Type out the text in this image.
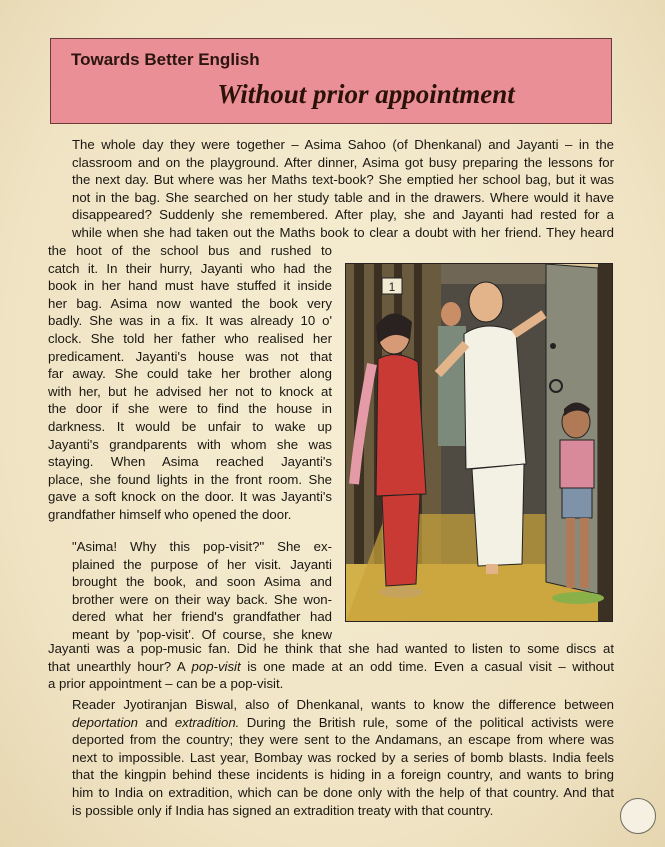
Towards Better English
Without prior appointment
The whole day they were together – Asima Sahoo (of Dhenkanal) and Jayanti – in the
classroom and on the playground. After dinner, Asima got busy preparing the lessons for
the next day. But where was her Maths text-book? She emptied her school bag, but it was
not in the bag. She searched on her study table and in the drawers. Where would it have
disappeared? Suddenly she remembered. After play, she and Jayanti had rested for a
while when she had taken out the Maths book to clear a doubt with her friend. They heard
the hoot of the school bus and rushed to
catch it. In their hurry, Jayanti who had the
book in her hand must have stuffed it inside
her bag. Asima now wanted the book very
badly. She was in a fix. It was already 10 o'
clock. She told her father who realised her
predicament. Jayanti's house was not that
far away. She could take her brother along
with her, but he advised her not to knock at
the door if she were to find the house in
darkness. It would be unfair to wake up
Jayanti's grandparents with whom she was
staying. When Asima reached Jayanti's
place, she found lights in the front room. She
gave a soft knock on the door. It was Jayanti's
grandfather himself who opened the door.
"Asima! Why this pop-visit?" She ex-
plained the purpose of her visit. Jayanti
brought the book, and soon Asima and
brother were on their way back. She won-
dered what her friend's grandfather had
meant by 'pop-visit'. Of course, she knew
Jayanti was a pop-music fan. Did he think that she had wanted to listen to some discs at
that unearthly hour? A pop-visit is one made at an odd time. Even a casual visit – without
a prior appointment – can be a pop-visit.
Reader Jyotiranjan Biswal, also of Dhenkanal, wants to know the difference between
deportation and extradition. During the British rule, some of the political activists were
deported from the country; they were sent to the Andamans, an escape from where was
next to impossible. Last year, Bombay was rocked by a series of bomb blasts. India feels
that the kingpin behind these incidents is hiding in a foreign country, and wants to bring
him to India on extradition, which can be done only with the help of that country. And that
is possible only if India has signed an extradition treaty with that country.
1
